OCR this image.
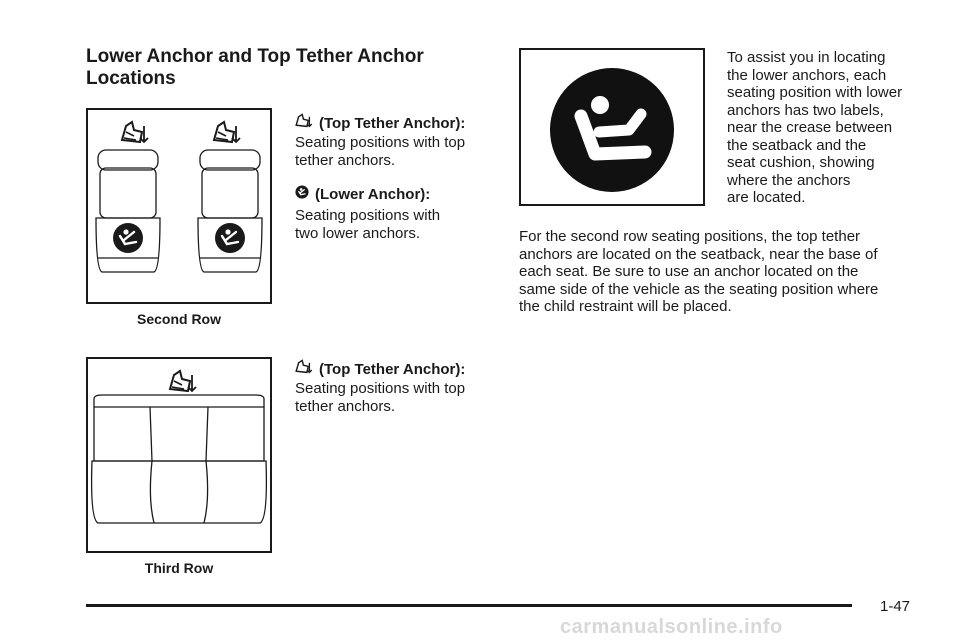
Lower Anchor and Top Tether Anchor
Locations
Second Row
(Top Tether Anchor):
Seating positions with top
tether anchors.
(Lower Anchor):
Seating positions with
two lower anchors.
Third Row
(Top Tether Anchor):
Seating positions with top
tether anchors.
To assist you in locating
the lower anchors, each
seating position with lower
anchors has two labels,
near the crease between
the seatback and the
seat cushion, showing
where the anchors
are located.
For the second row seating positions, the top tether
anchors are located on the seatback, near the base of
each seat. Be sure to use an anchor located on the
same side of the vehicle as the seating position where
the child restraint will be placed.
1-47
carmanualsonline.info
